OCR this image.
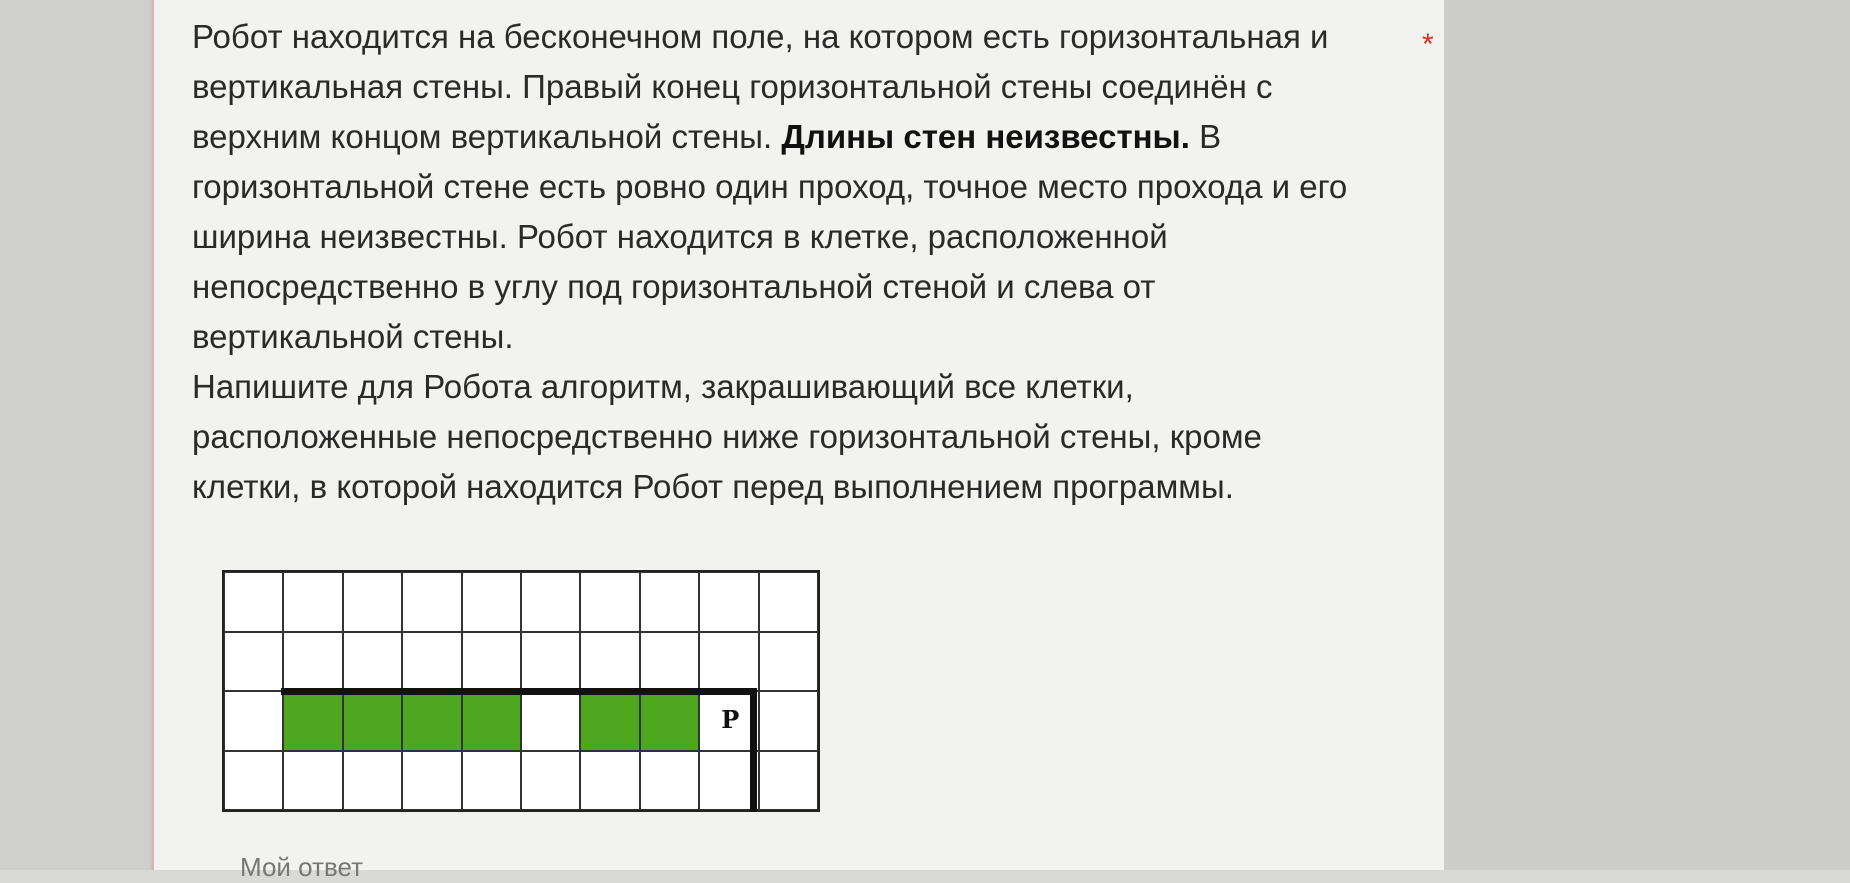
Робот находится на бесконечном поле, на котором есть горизонтальная и вертикальная стены. Правый конец горизонтальной стены соединён с верхним концом вертикальной стены. Длины стен неизвестны. В горизонтальной стене есть ровно один проход, точное место прохода и его ширина неизвестны. Робот находится в клетке, расположенной непосредственно в углу под горизонтальной стеной и слева от вертикальной стены.

Напишите для Робота алгоритм, закрашивающий все клетки, расположенные непосредственно ниже горизонтальной стены, кроме клетки, в которой находится Робот перед выполнением программы.

*
Р
Мой ответ
